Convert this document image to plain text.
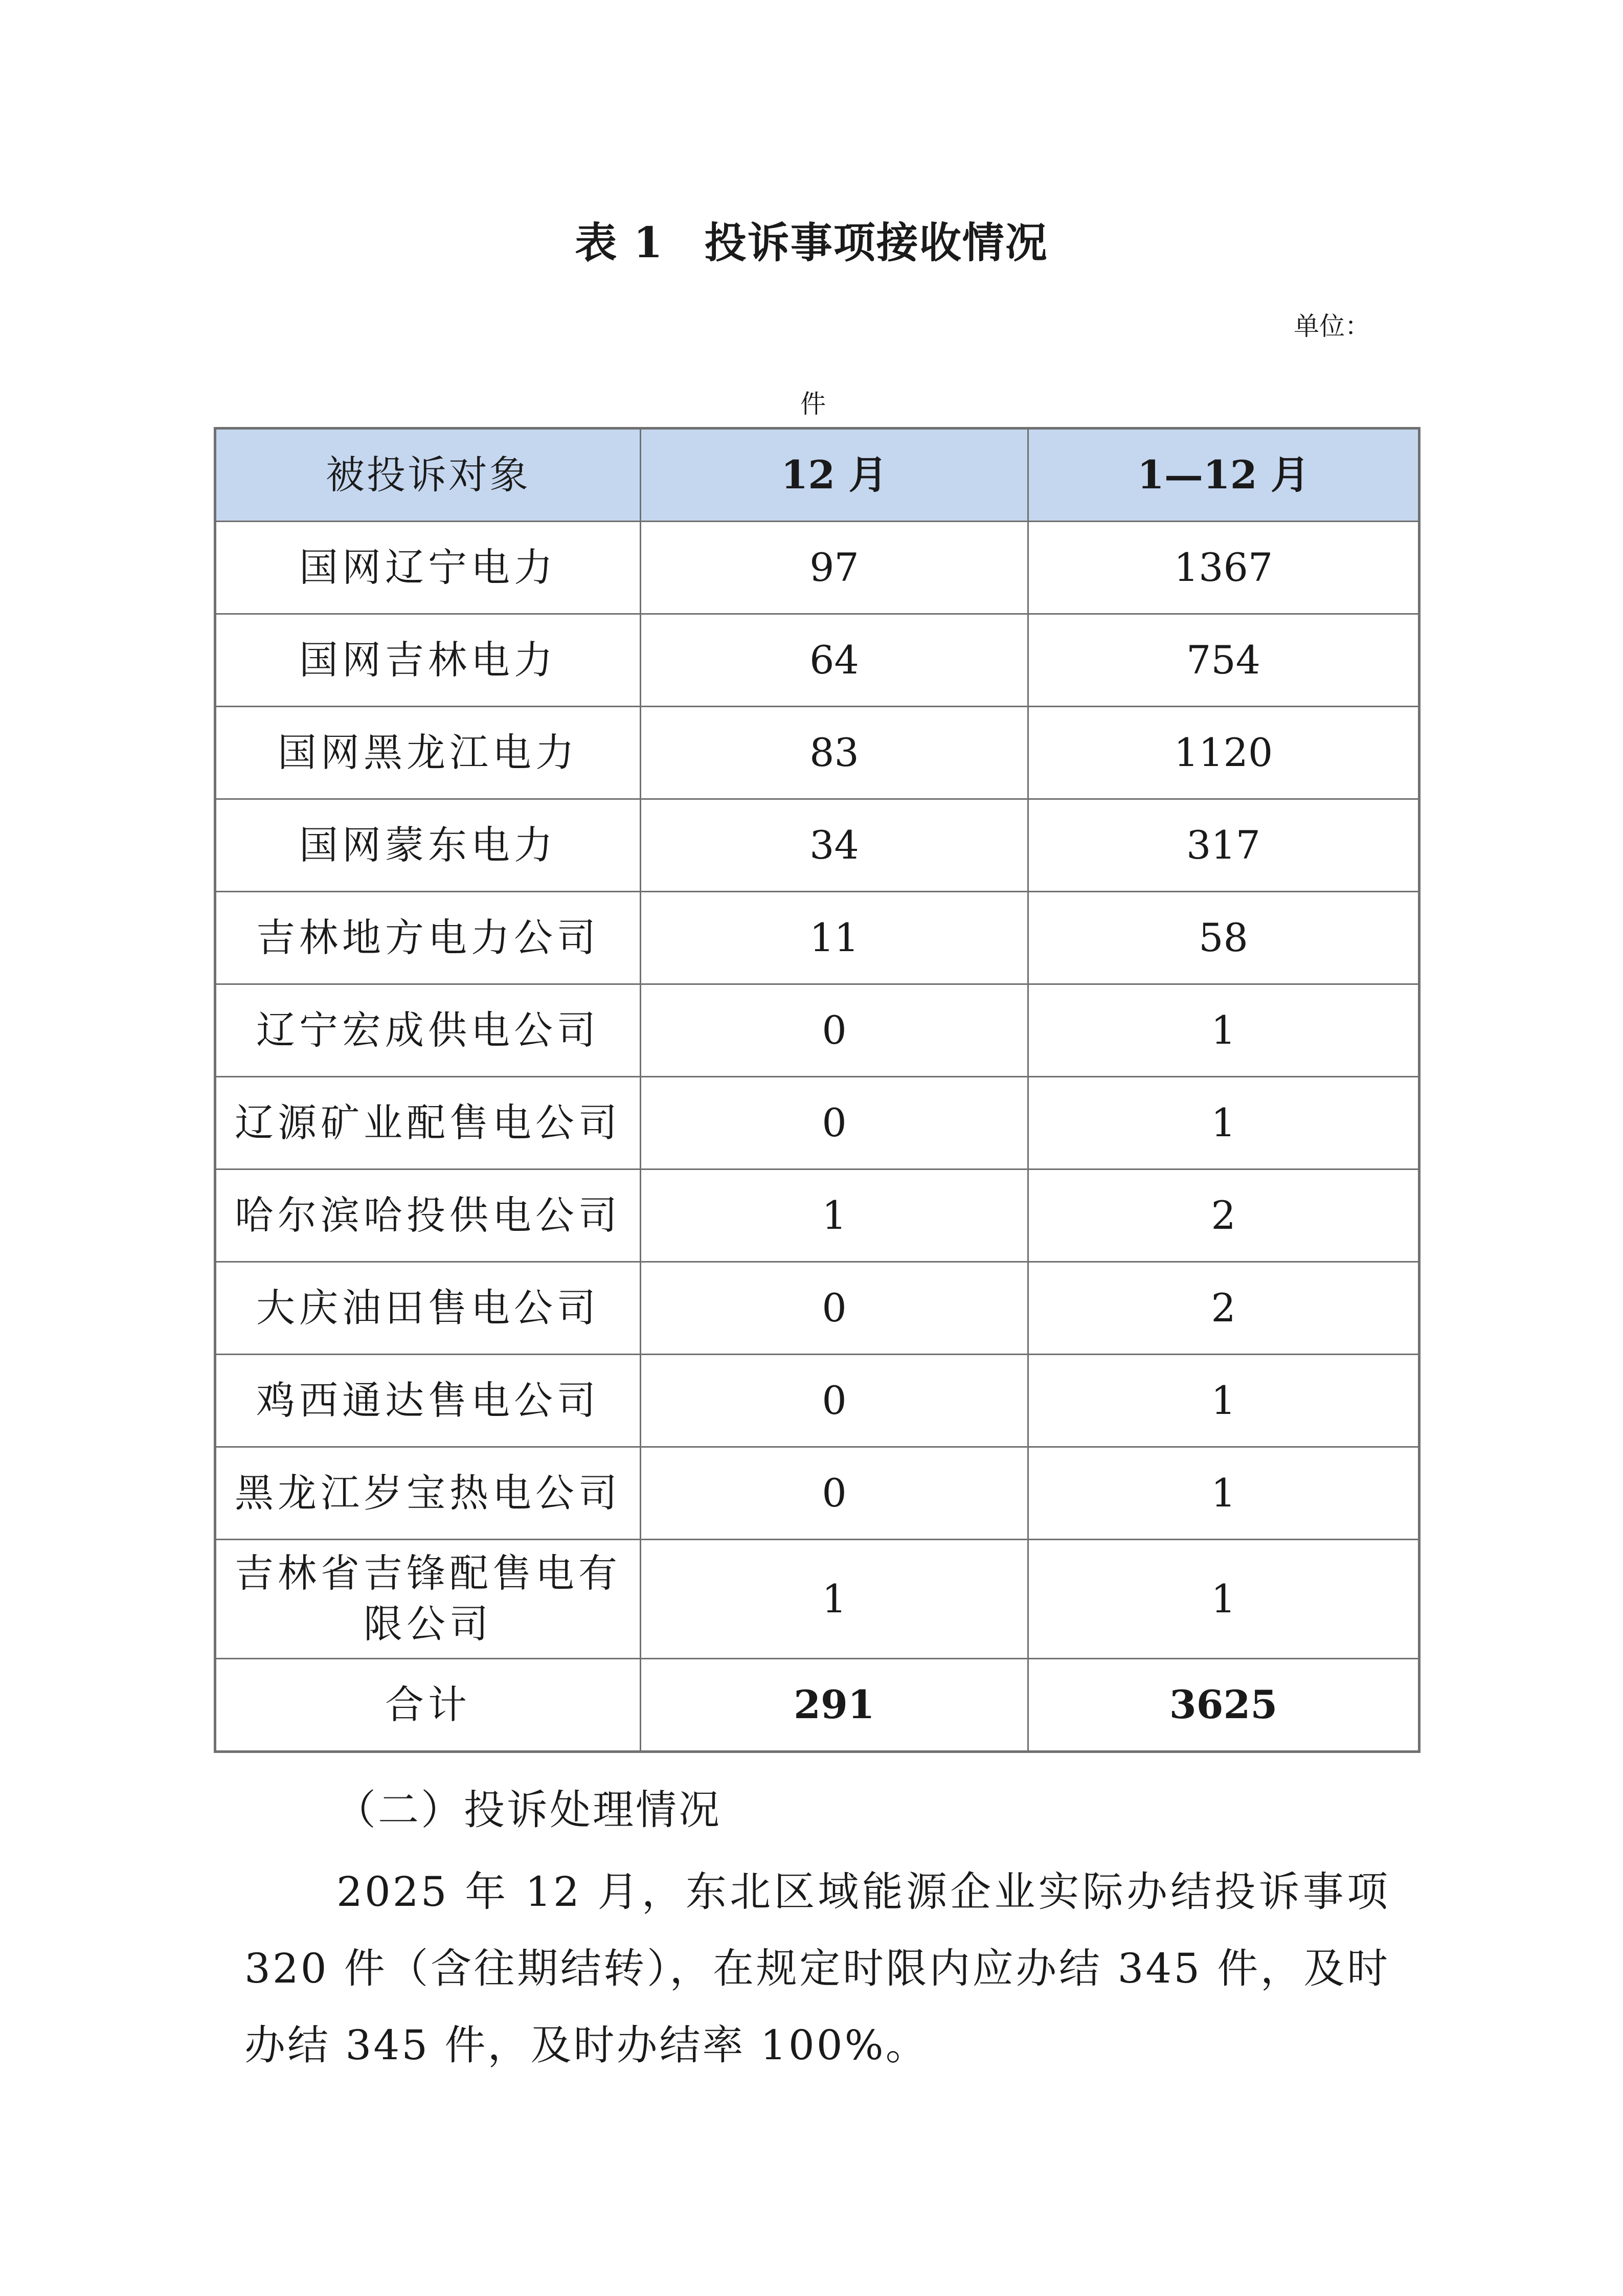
表 1 投诉事项接收情况
单位：
件
被投诉对象	12 月	1—12 月
国网辽宁电力	97	1367
国网吉林电力	64	754
国网黑龙江电力	83	1120
国网蒙东电力	34	317
吉林地方电力公司	11	58
辽宁宏成供电公司	0	1
辽源矿业配售电公司	0	1
哈尔滨哈投供电公司	1	2
大庆油田售电公司	0	2
鸡西通达售电公司	0	1
黑龙江岁宝热电公司	0	1
吉林省吉锋配售电有限公司	1	1
合计	291	3625
（二）投诉处理情况
2025 年 12 月，东北区域能源企业实际办结投诉事项 320 件（含往期结转），在规定时限内应办结 345 件，及时办结 345 件，及时办结率 100%。
